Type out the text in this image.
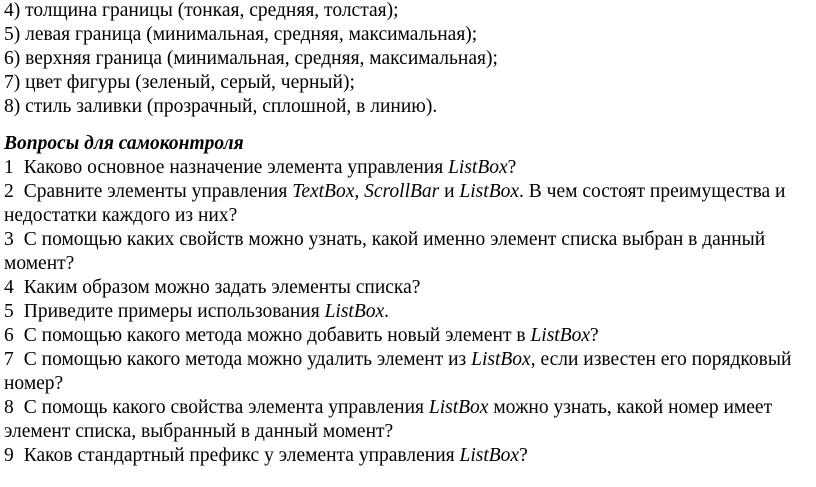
4) толщина границы (тонкая, средняя, толстая);
5) левая граница (минимальная, средняя, максимальная);
6) верхняя граница (минимальная, средняя, максимальная);
7) цвет фигуры (зеленый, серый, черный);
8) стиль заливки (прозрачный, сплошной, в линию).
Вопросы для самоконтроля
1 Каково основное назначение элемента управления ListBox?
2 Сравните элементы управления TextBox, ScrollBar и ListBox. В чем состоят преимущества и
недостатки каждого из них?
3 С помощью каких свойств можно узнать, какой именно элемент списка выбран в данный
момент?
4 Каким образом можно задать элементы списка?
5 Приведите примеры использования ListBox.
6 С помощью какого метода можно добавить новый элемент в ListBox?
7 С помощью какого метода можно удалить элемент из ListBox, если известен его порядковый
номер?
8 С помощь какого свойства элемента управления ListBox можно узнать, какой номер имеет
элемент списка, выбранный в данный момент?
9 Каков стандартный префикс у элемента управления ListBox?
